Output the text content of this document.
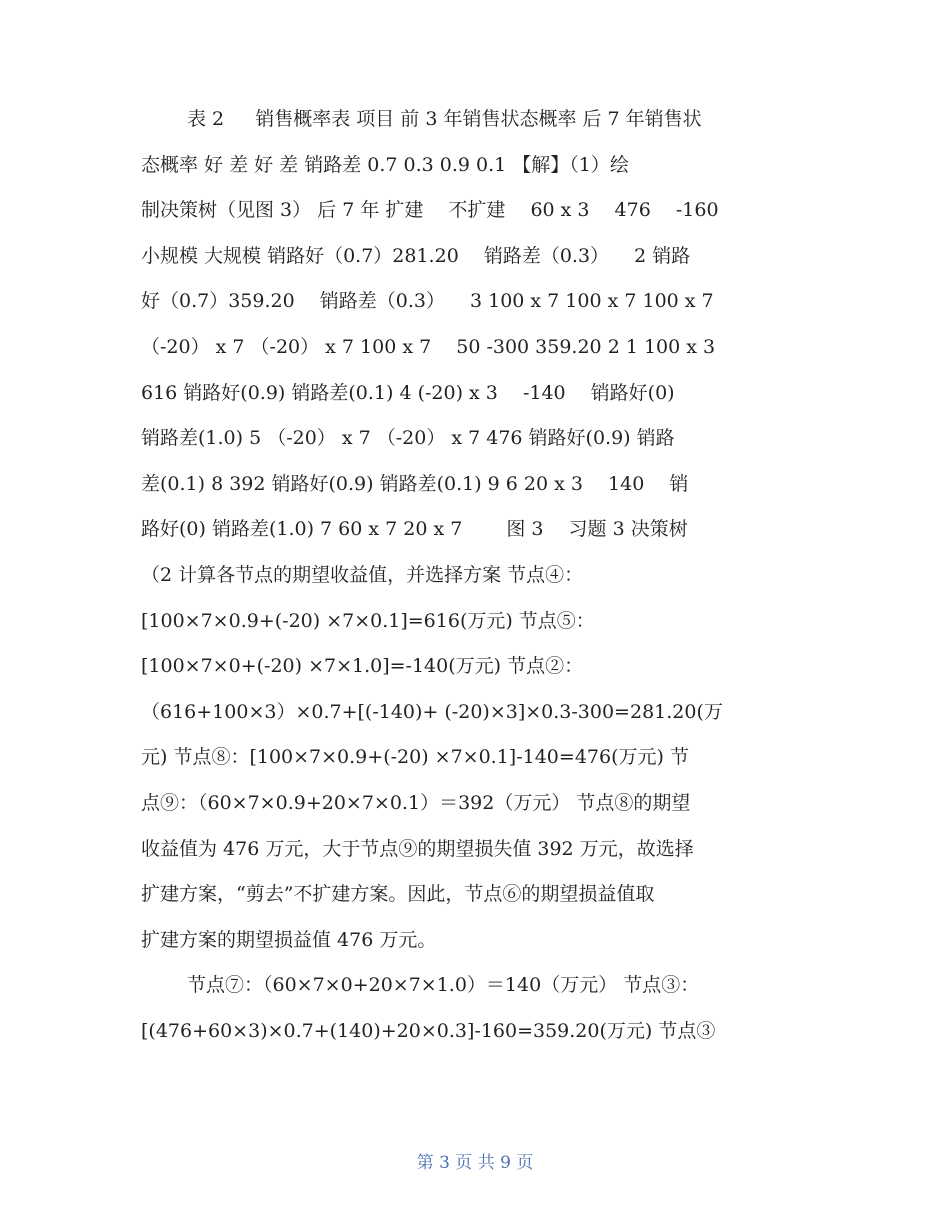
表 2 　 销售概率表 项目 前 3 年销售状态概率 后 7 年销售状
态概率 好 差 好 差 销路差 0.7 0.3 0.9 0.1 【解】（1）绘
制决策树（见图 3） 后 7 年 扩建 　不扩建 　60 x 3 　476 　-160
小规模 大规模 销路好（0.7）281.20 　销路差（0.3） 　2 销路
好（0.7）359.20 　销路差（0.3） 　3 100 x 7 100 x 7 100 x 7
（-20） x 7 （-20） x 7 100 x 7 　50 -300 359.20 2 1 100 x 3
616 销路好(0.9) 销路差(0.1) 4 (-20) x 3 　-140 　销路好(0)
销路差(1.0) 5 （-20） x 7 （-20） x 7 476 销路好(0.9) 销路
差(0.1) 8 392 销路好(0.9) 销路差(0.1) 9 6 20 x 3 　140 　销
路好(0) 销路差(1.0) 7 60 x 7 20 x 7 　　图 3 　习题 3 决策树
（2 计算各节点的期望收益值，并选择方案 节点④：
[100×7×0.9+(-20) ×7×0.1]=616(万元) 节点⑤：
[100×7×0+(-20) ×7×1.0]=-140(万元) 节点②：
（616+100×3）×0.7+[(-140)+ (-20)×3]×0.3-300=281.20(万
元) 节点⑧：[100×7×0.9+(-20) ×7×0.1]-140=476(万元) 节
点⑨：（60×7×0.9+20×7×0.1）＝392（万元） 节点⑧的期望
收益值为 476 万元，大于节点⑨的期望损失值 392 万元，故选择
扩建方案，“剪去”不扩建方案。因此，节点⑥的期望损益值取
扩建方案的期望损益值 476 万元。
节点⑦：（60×7×0+20×7×1.0）＝140（万元） 节点③：
[(476+60×3)×0.7+(140)+20×0.3]-160=359.20(万元) 节点③
第 3 页 共 9 页
